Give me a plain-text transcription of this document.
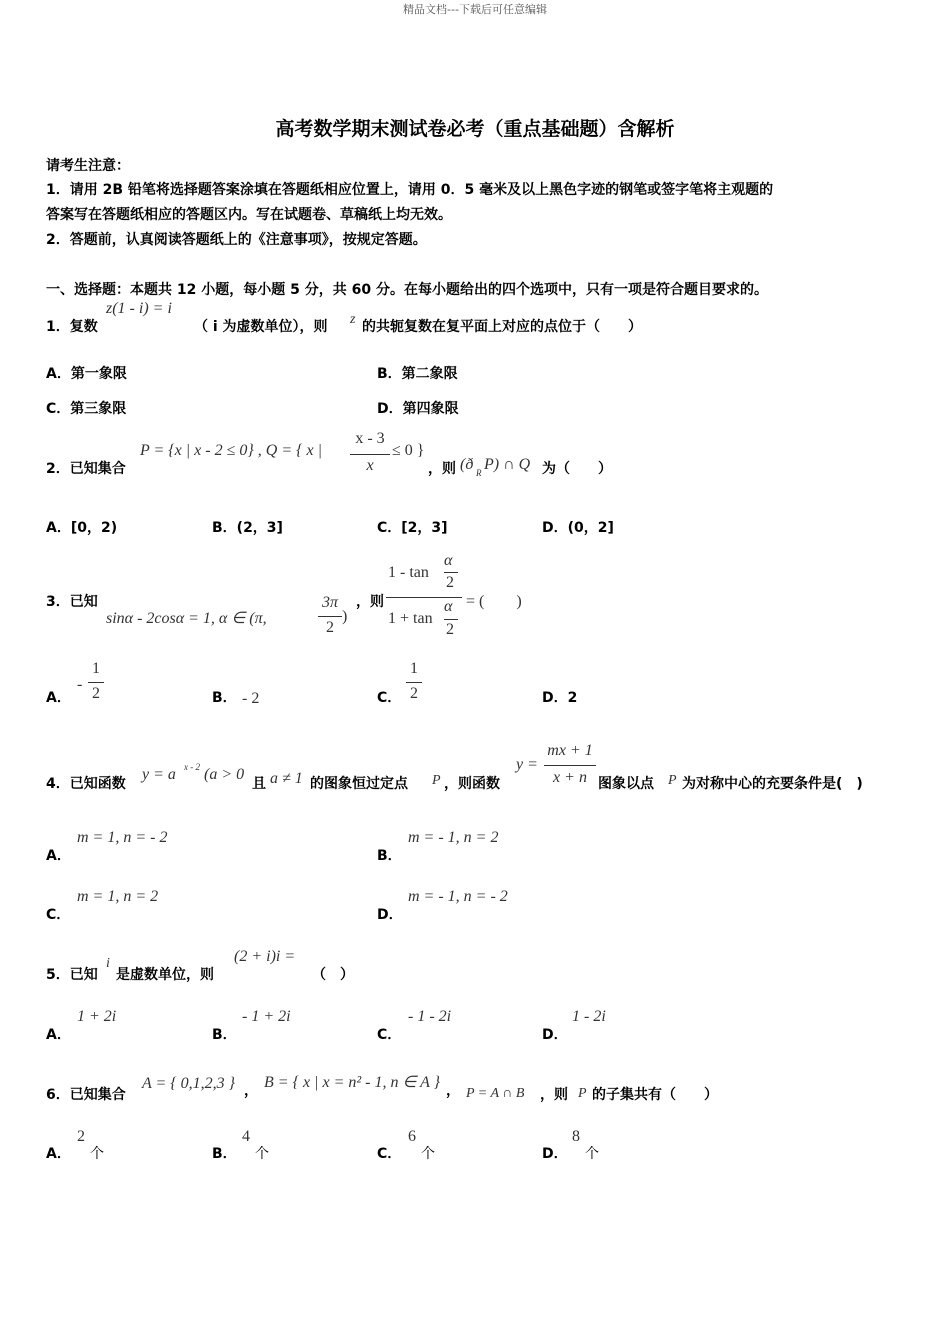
精品文档---下载后可任意编辑
高考数学期末测试卷必考（重点基础题）含解析
请考生注意：
1．请用 2B 铅笔将选择题答案涂填在答题纸相应位置上，请用 0．5 毫米及以上黑色字迹的钢笔或签字笔将主观题的
答案写在答题纸相应的答题区内。写在试题卷、草稿纸上均无效。
2．答题前，认真阅读答题纸上的《注意事项》，按规定答题。
一、选择题：本题共 12 小题，每小题 5 分，共 60 分。在每小题给出的四个选项中，只有一项是符合题目要求的。
1．复数
z(1 - i) = i
（ i 为虚数单位），则 z 的共轭复数在复平面上对应的点位于（　　）
A．第一象限	B．第二象限
C．第三象限	D．第四象限
2．已知集合
P = {x | x - 2 ≤ 0} , Q = { x |
x - 3
x
≤ 0 }
，则 (ð R P) ∩ Q 为（　　）
A．[0，2)	B．(2，3]	C．[2，3]	D．(0，2]
3．已知
sinα - 2cosα = 1, α ∈ (π,
3π
2
)
，则
1 - tan
α
2
1 + tan
α
2
= (　　)
A．
-
1
2	B． - 2	C．
1
2	D．2
4．已知函数
y = a x - 2 (a > 0
且 a ≠ 1 的图象恒过定点 P ，则函数
y =
mx + 1
x + n 图象以点 P 为对称中心的充要条件是(　)
A．
m = 1, n = - 2
B．
m = - 1, n = 2
C．
m = 1, n = 2
D．
m = - 1, n = - 2
5．已知
i
是虚数单位，则
(2 + i)i =
（　）
A．
1 + 2i
B．
- 1 + 2i
C．
- 1 - 2i
D．
1 - 2i
6．已知集合
A = { 0,1,2,3 } ， B = { x | x = n² - 1, n ∈ A } ， P = A ∩ B ，则 P 的子集共有（　　）
A．
2
个	B．
4
个	C．
6
个	D．
8
个
